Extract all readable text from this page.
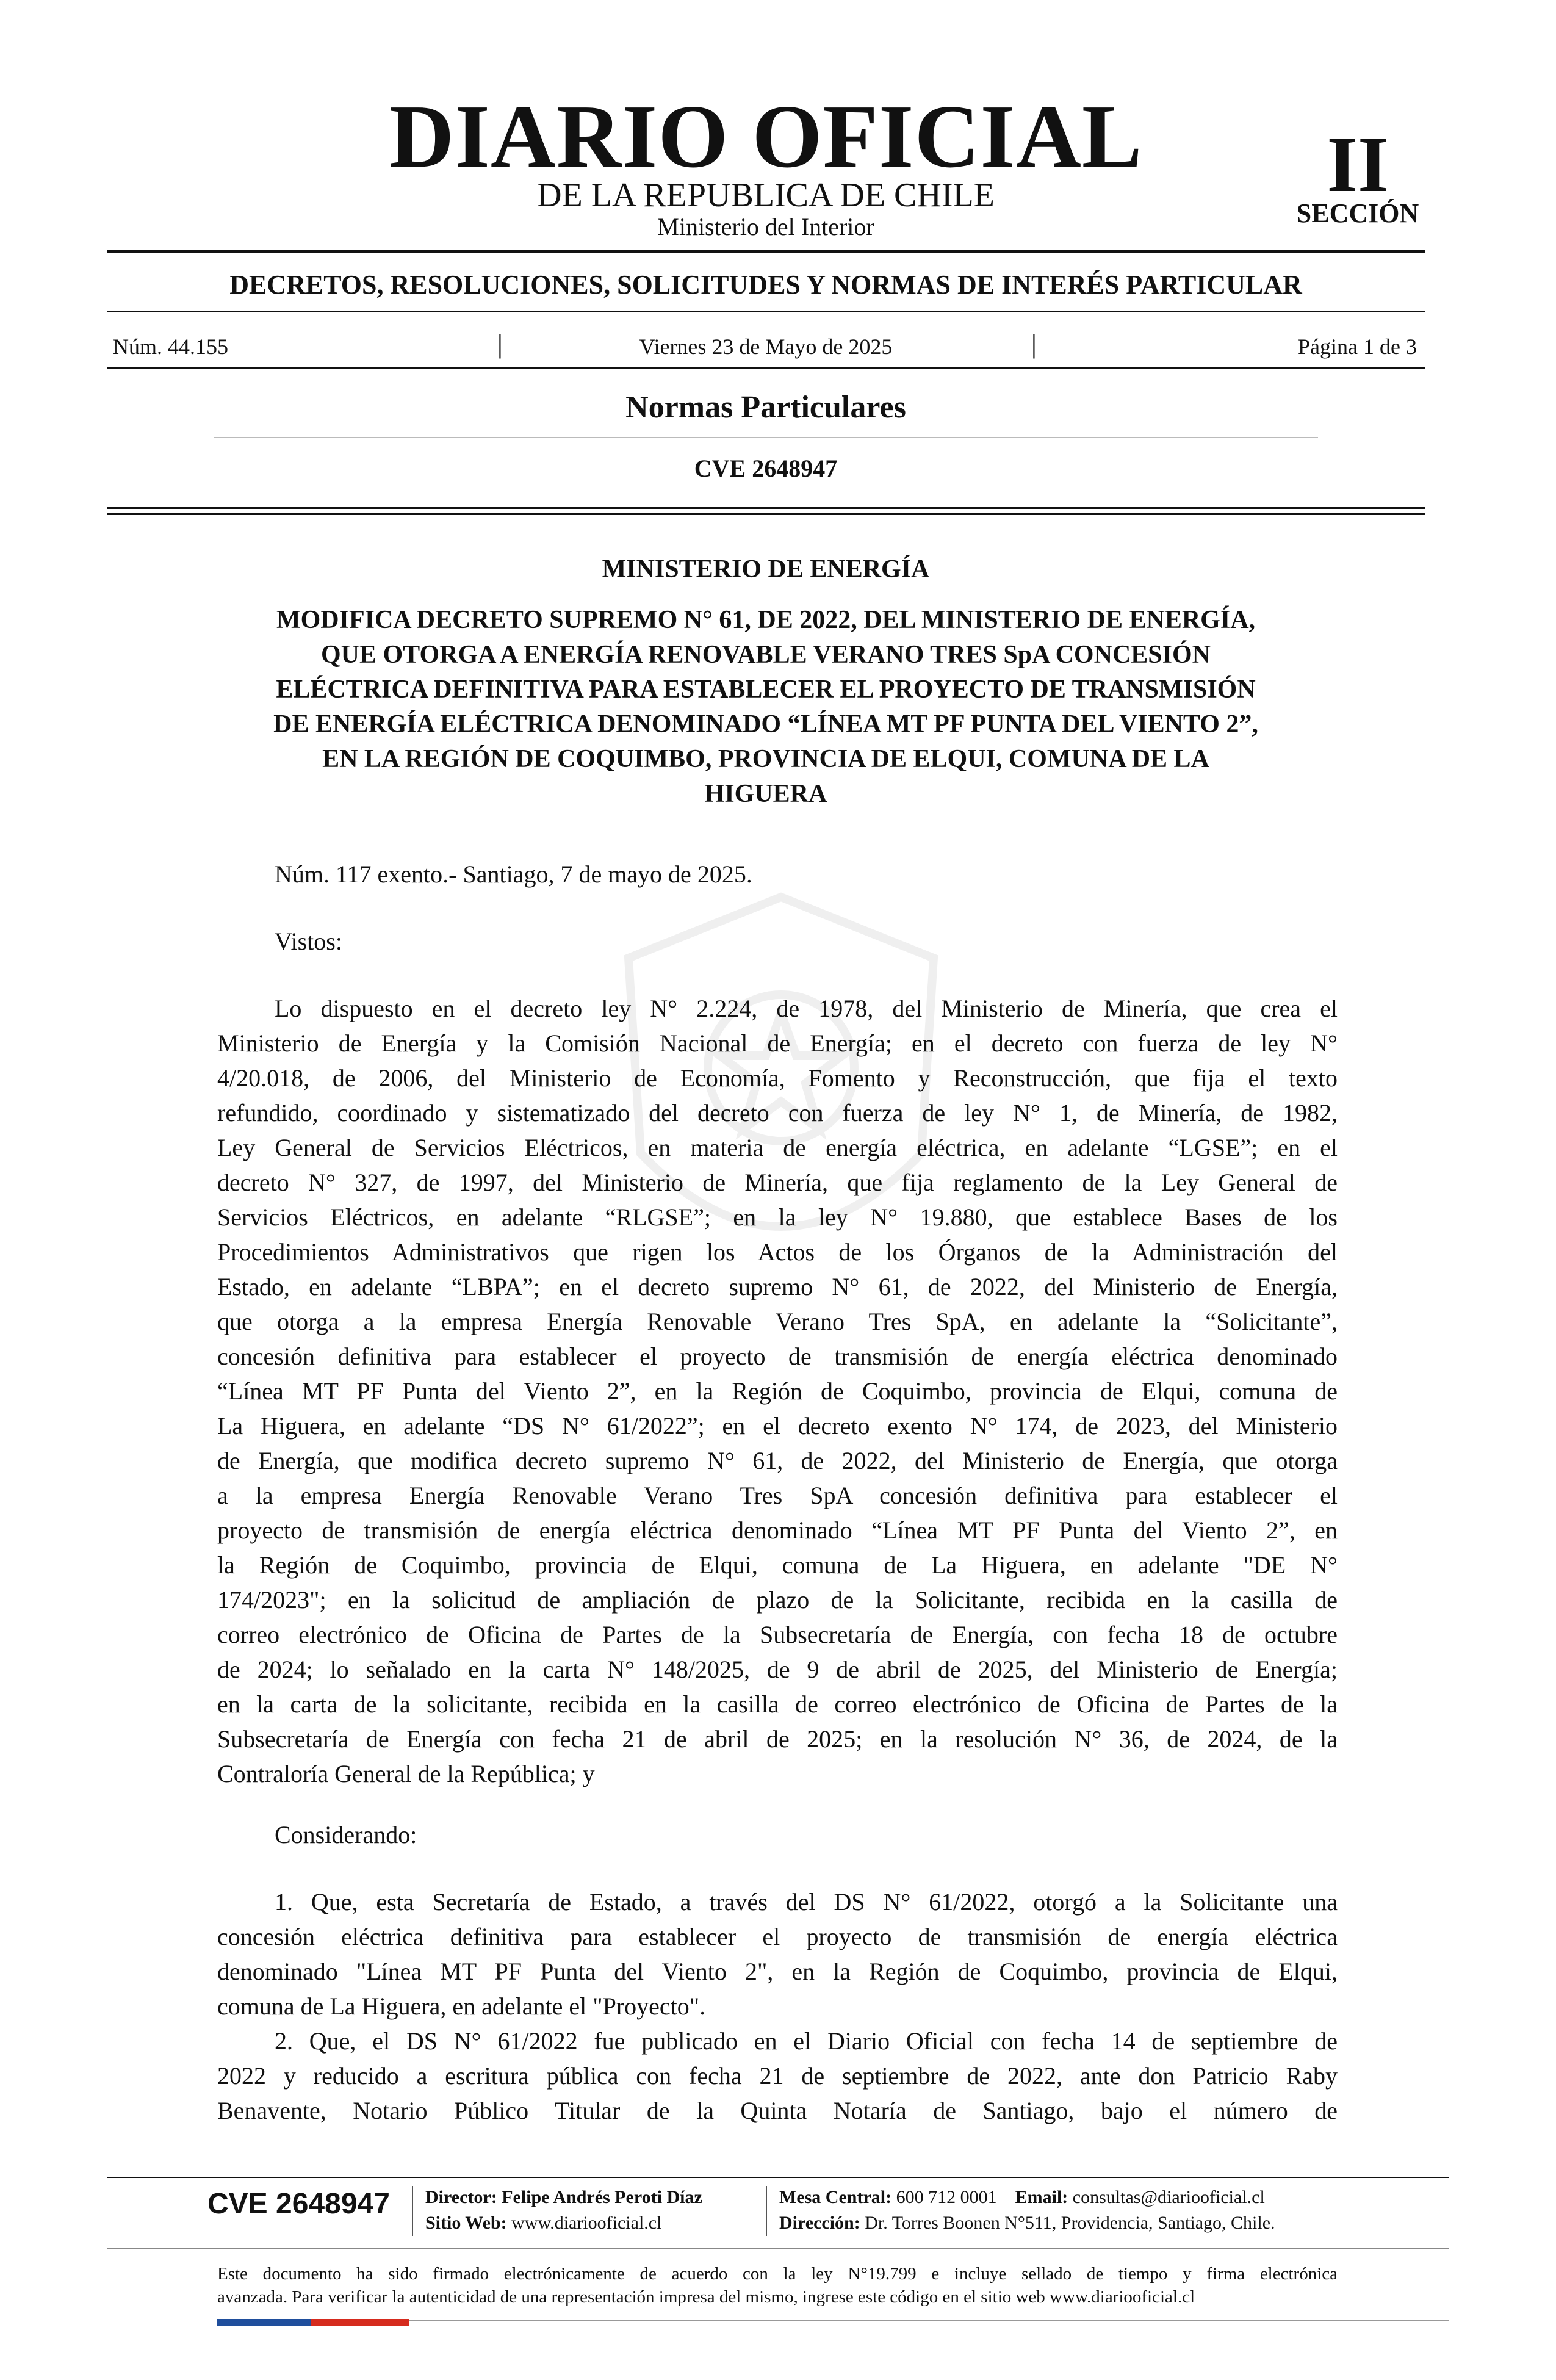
DIARIO OFICIAL
DE LA REPUBLICA DE CHILE
Ministerio del Interior
II
SECCIÓN
DECRETOS, RESOLUCIONES, SOLICITUDES Y NORMAS DE INTERÉS PARTICULAR
Núm. 44.155	|	Viernes 23 de Mayo de 2025	|	Página 1 de 3
Normas Particulares
CVE 2648947
MINISTERIO DE ENERGÍA
MODIFICA DECRETO SUPREMO N° 61, DE 2022, DEL MINISTERIO DE ENERGÍA,
QUE OTORGA A ENERGÍA RENOVABLE VERANO TRES SpA CONCESIÓN
ELÉCTRICA DEFINITIVA PARA ESTABLECER EL PROYECTO DE TRANSMISIÓN
DE ENERGÍA ELÉCTRICA DENOMINADO “LÍNEA MT PF PUNTA DEL VIENTO 2”,
EN LA REGIÓN DE COQUIMBO, PROVINCIA DE ELQUI, COMUNA DE LA
HIGUERA
Núm. 117 exento.- Santiago, 7 de mayo de 2025.
Vistos:
Lo dispuesto en el decreto ley N° 2.224, de 1978, del Ministerio de Minería, que crea el
Ministerio de Energía y la Comisión Nacional de Energía; en el decreto con fuerza de ley N°
4/20.018, de 2006, del Ministerio de Economía, Fomento y Reconstrucción, que fija el texto
refundido, coordinado y sistematizado del decreto con fuerza de ley N° 1, de Minería, de 1982,
Ley General de Servicios Eléctricos, en materia de energía eléctrica, en adelante “LGSE”; en el
decreto N° 327, de 1997, del Ministerio de Minería, que fija reglamento de la Ley General de
Servicios Eléctricos, en adelante “RLGSE”; en la ley N° 19.880, que establece Bases de los
Procedimientos Administrativos que rigen los Actos de los Órganos de la Administración del
Estado, en adelante “LBPA”; en el decreto supremo N° 61, de 2022, del Ministerio de Energía,
que otorga a la empresa Energía Renovable Verano Tres SpA, en adelante la “Solicitante”,
concesión definitiva para establecer el proyecto de transmisión de energía eléctrica denominado
“Línea MT PF Punta del Viento 2”, en la Región de Coquimbo, provincia de Elqui, comuna de
La Higuera, en adelante “DS N° 61/2022”; en el decreto exento N° 174, de 2023, del Ministerio
de Energía, que modifica decreto supremo N° 61, de 2022, del Ministerio de Energía, que otorga
a la empresa Energía Renovable Verano Tres SpA concesión definitiva para establecer el
proyecto de transmisión de energía eléctrica denominado “Línea MT PF Punta del Viento 2”, en
la Región de Coquimbo, provincia de Elqui, comuna de La Higuera, en adelante "DE N°
174/2023"; en la solicitud de ampliación de plazo de la Solicitante, recibida en la casilla de
correo electrónico de Oficina de Partes de la Subsecretaría de Energía, con fecha 18 de octubre
de 2024; lo señalado en la carta N° 148/2025, de 9 de abril de 2025, del Ministerio de Energía;
en la carta de la solicitante, recibida en la casilla de correo electrónico de Oficina de Partes de la
Subsecretaría de Energía con fecha 21 de abril de 2025; en la resolución N° 36, de 2024, de la
Contraloría General de la República; y
Considerando:
1. Que, esta Secretaría de Estado, a través del DS N° 61/2022, otorgó a la Solicitante una
concesión eléctrica definitiva para establecer el proyecto de transmisión de energía eléctrica
denominado "Línea MT PF Punta del Viento 2", en la Región de Coquimbo, provincia de Elqui,
comuna de La Higuera, en adelante el "Proyecto".
2. Que, el DS N° 61/2022 fue publicado en el Diario Oficial con fecha 14 de septiembre de
2022 y reducido a escritura pública con fecha 21 de septiembre de 2022, ante don Patricio Raby
Benavente, Notario Público Titular de la Quinta Notaría de Santiago, bajo el número de
CVE 2648947 Director: Felipe Andrés Peroti Díaz
Sitio Web: www.diariooficial.cl
Mesa Central: 600 712 0001 Email: consultas@diariooficial.cl
Dirección: Dr. Torres Boonen N°511, Providencia, Santiago, Chile.
Este documento ha sido firmado electrónicamente de acuerdo con la ley N°19.799 e incluye sellado de tiempo y firma electrónica
avanzada. Para verificar la autenticidad de una representación impresa del mismo, ingrese este código en el sitio web www.diariooficial.cl
